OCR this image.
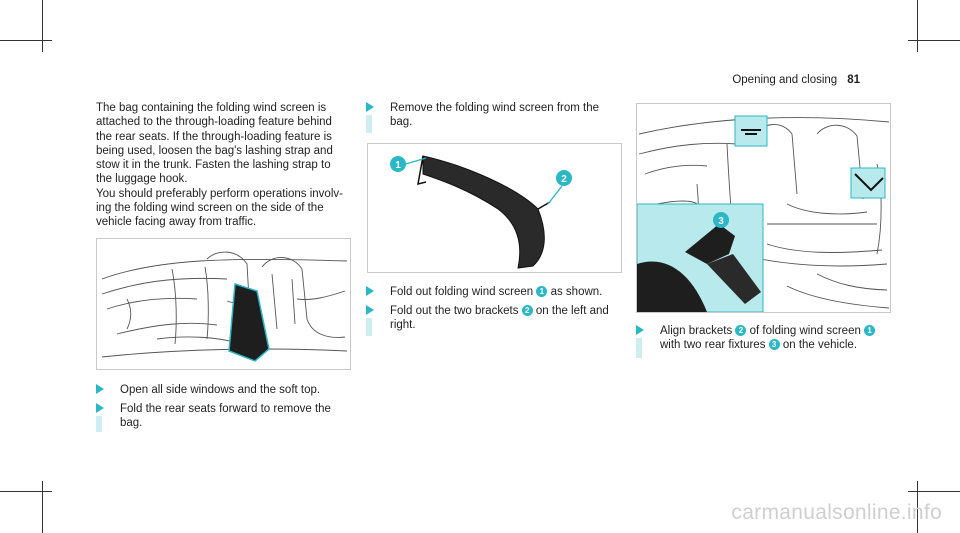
Opening and closing 81
The bag containing the folding wind screen is
attached to the through-loading feature behind
the rear seats. If the through-loading feature is
being used, loosen the bag's lashing strap and
stow it in the trunk. Fasten the lashing strap to
the luggage hook.
You should preferably perform operations involv-
ing the folding wind screen on the side of the
vehicle facing away from traffic.
Open all side windows and the soft top.
Fold the rear seats forward to remove the
bag.
Remove the folding wind screen from the
bag.
1
2
Fold out folding wind screen 1 as shown.
Fold out the two brackets 2 on the left and
right.
3
Align brackets 2 of folding wind screen 1
with two rear fixtures 3 on the vehicle.
carmanualsonline.info
